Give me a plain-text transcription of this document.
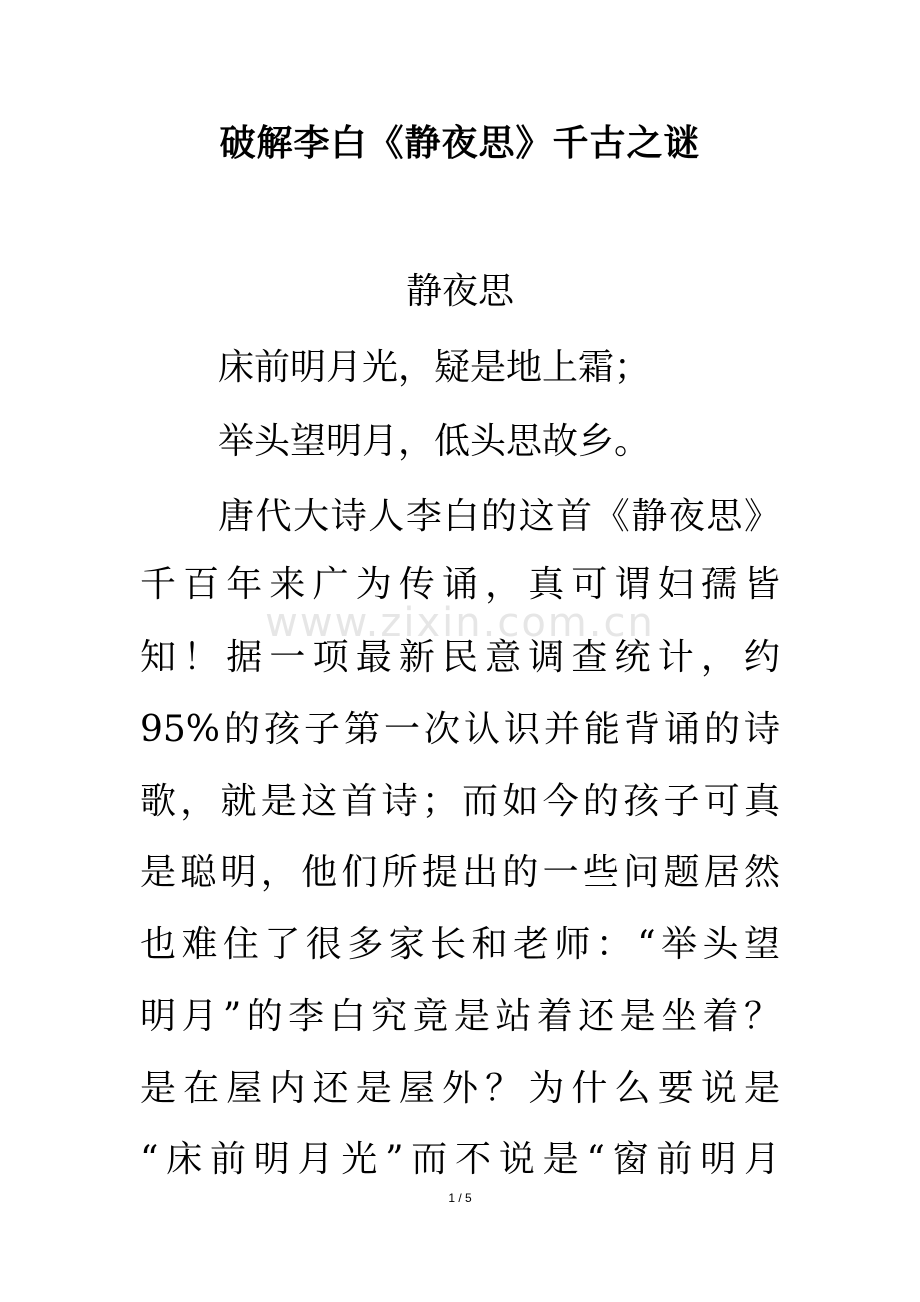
www.zixin.com.cn
破解李白《静夜思》千古之谜
静夜思
床前明月光，疑是地上霜；
举头望明月，低头思故乡。
唐代大诗人李白的这首《静夜思》
千百年来广为传诵，真可谓妇孺皆
知！据一项最新民意调查统计，约
95%的孩子第一次认识并能背诵的诗
歌，就是这首诗；而如今的孩子可真
是聪明，他们所提出的一些问题居然
也难住了很多家长和老师：“举头望
明月”的李白究竟是站着还是坐着？
是在屋内还是屋外？为什么要说是
“床前明月光”而不说是“窗前明月
1 / 5
